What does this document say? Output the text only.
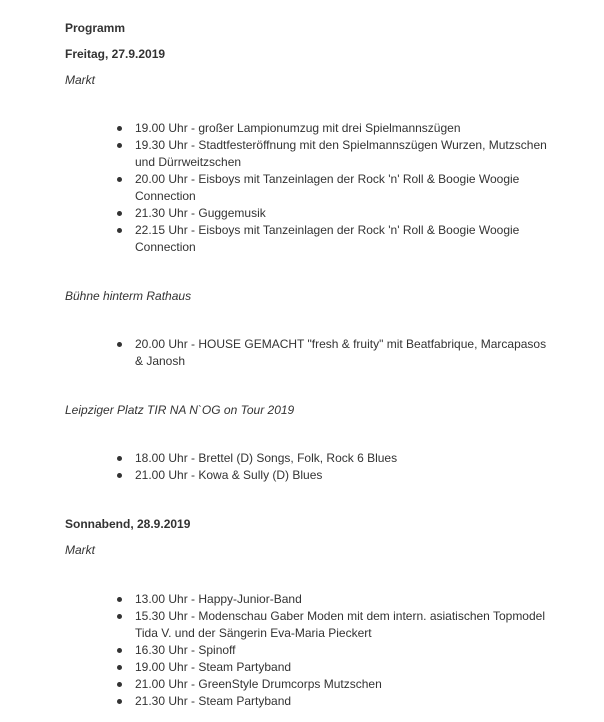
Programm
Freitag, 27.9.2019
Markt
19.00 Uhr - großer Lampionumzug mit drei Spielmannszügen
19.30 Uhr - Stadtfesteröffnung mit den Spielmannszügen Wurzen, Mutzschen und Dürrweitzschen
20.00 Uhr - Eisboys mit Tanzeinlagen der Rock 'n' Roll & Boogie Woogie Connection
21.30 Uhr - Guggemusik
22.15 Uhr - Eisboys mit Tanzeinlagen der Rock 'n' Roll & Boogie Woogie Connection
Bühne hinterm Rathaus
20.00 Uhr - HOUSE GEMACHT "fresh & fruity" mit Beatfabrique, Marcapasos & Janosh
Leipziger Platz TIR NA N`OG on Tour 2019
18.00 Uhr - Brettel (D) Songs, Folk, Rock 6 Blues
21.00 Uhr - Kowa & Sully (D) Blues
Sonnabend, 28.9.2019
Markt
13.00 Uhr - Happy-Junior-Band
15.30 Uhr - Modenschau Gaber Moden mit dem intern. asiatischen Topmodel Tida V. und der Sängerin Eva-Maria Pieckert
16.30 Uhr - Spinoff
19.00 Uhr - Steam Partyband
21.00 Uhr - GreenStyle Drumcorps Mutzschen
21.30 Uhr - Steam Partyband
